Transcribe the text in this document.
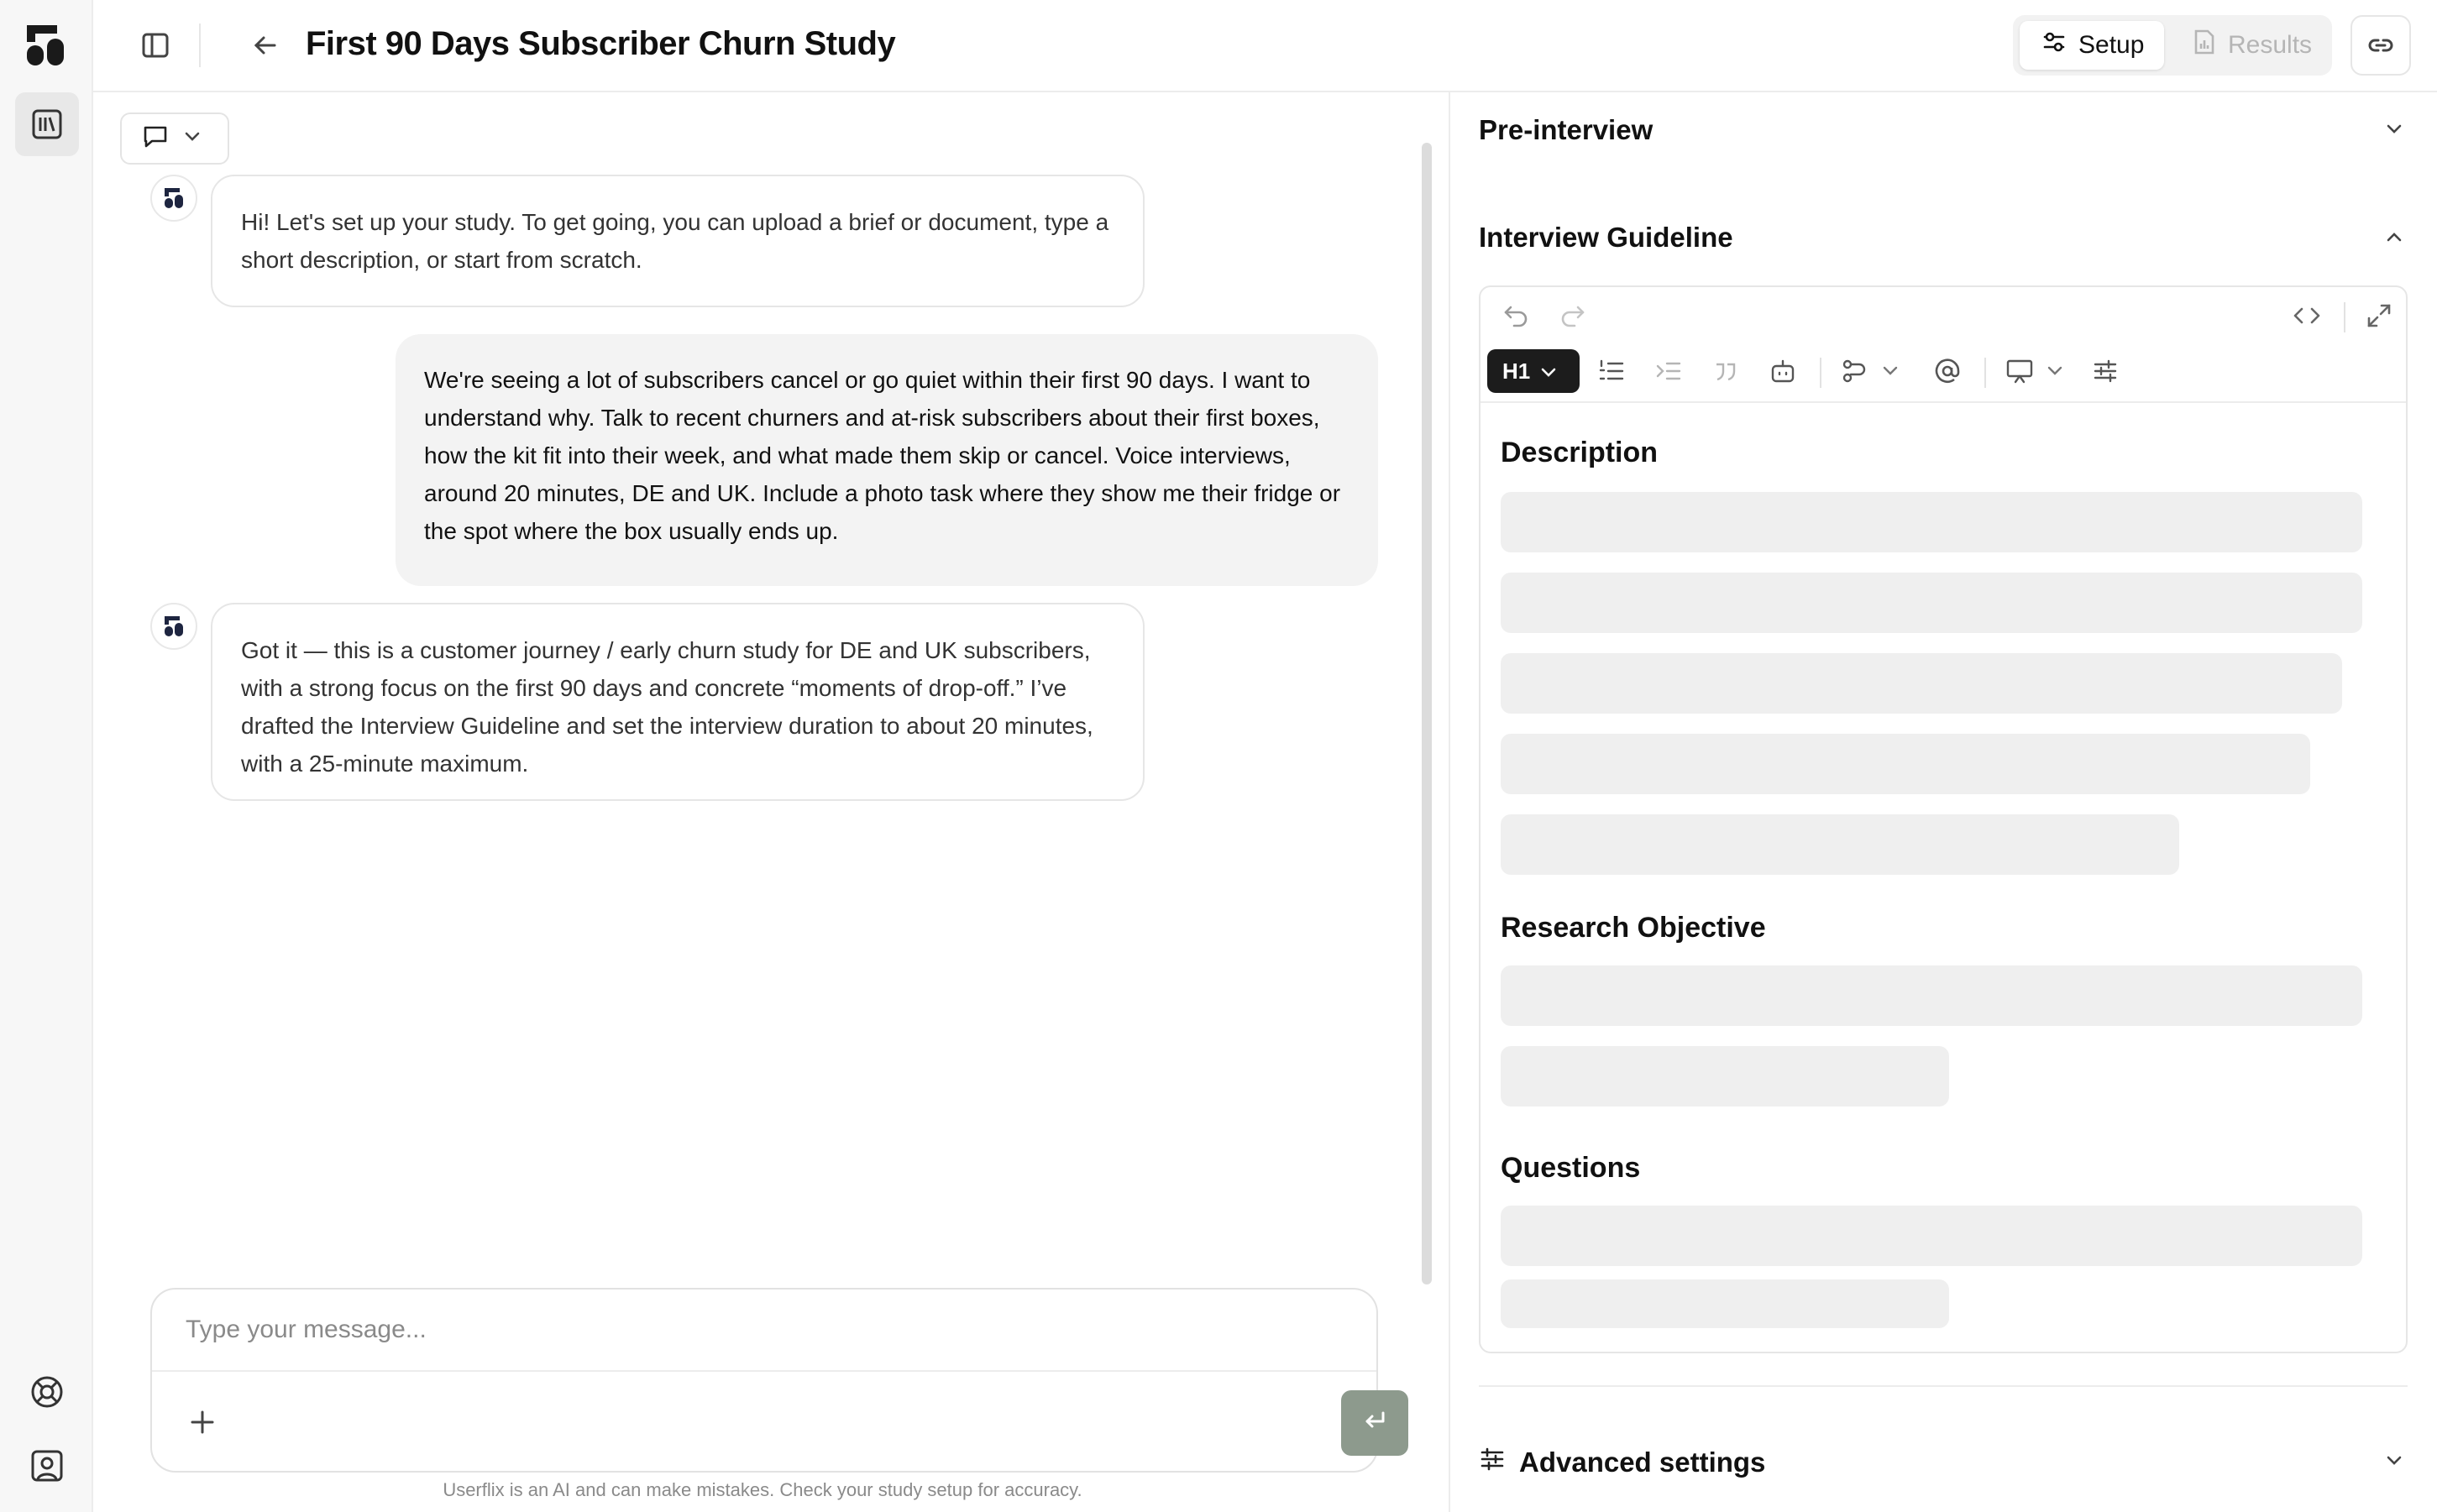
First 90 Days Subscriber Churn Study	Setup	Results
Hi! Let's set up your study. To get going, you can upload a brief or document, type a short description, or start from scratch.
We're seeing a lot of subscribers cancel or go quiet within their first 90 days. I want to understand why. Talk to recent churners and at-risk subscribers about their first boxes, how the kit fit into their week, and what made them skip or cancel. Voice interviews, around 20 minutes, DE and UK. Include a photo task where they show me their fridge or the spot where the box usually ends up.
Got it — this is a customer journey / early churn study for DE and UK subscribers, with a strong focus on the first 90 days and concrete “moments of drop-off.” I’ve drafted the Interview Guideline and set the interview duration to about 20 minutes, with a 25-minute maximum.
Type your message...
Userflix is an AI and can make mistakes. Check your study setup for accuracy.
Pre-interview
Interview Guideline
H1
Description
Research Objective
Questions
Advanced settings
